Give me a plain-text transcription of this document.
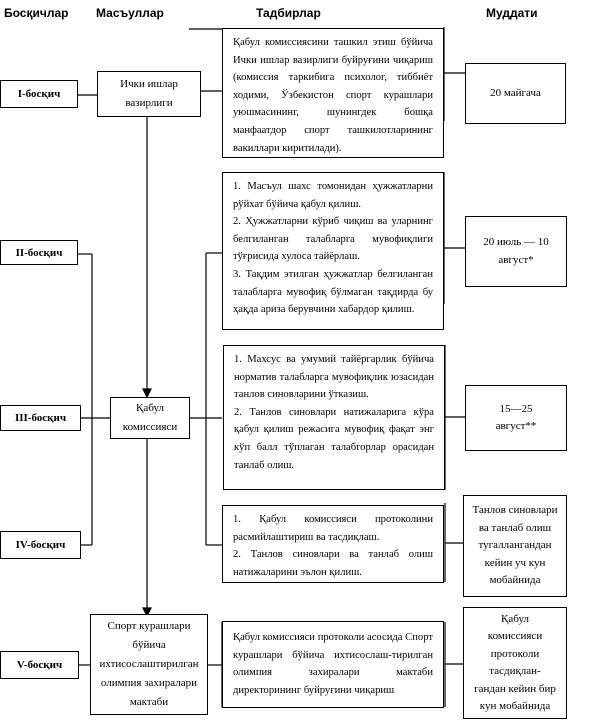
Босқичлар Масъуллар	Тадбирлар	Муддати
I-босқич
II-босқич
III-босқич
IV-босқич
V-босқич
Ички ишлар вазирлиги
Қабул комиссияси
Спорт курашлари бўйича ихтисослаштирилган олимпия захиралари мактаби

Қабул комиссиясини ташкил этиш бўйича Ички ишлар вазирлиги буйруғини чиқариш (комиссия таркибига психолог, тиббиёт ходими, Ўзбекистон спорт курашлари уюшмасининг, шунингдек бошқа манфаатдор спорт ташкилотларининг вакиллари киритилади).

1. Масъул шахс томонидан ҳужжатларни рўйхат бўйича қабул қилиш.

2. Ҳужжатларни кўриб чиқиш ва уларнинг белгиланган талабларга мувофиқлиги тўғрисида хулоса тайёрлаш.

3. Тақдим этилган ҳужжатлар белгиланган талабларга мувофиқ бўлмаган тақдирда бу ҳақда ариза берувчини хабардор қилиш.

1. Махсус ва умумий тайёргарлик бўйича норматив талабларга мувофиқлик юзасидан танлов синовларини ўтказиш.

2. Танлов синовлари натижаларига кўра қабул қилиш режасига мувофиқ фақат энг кўп балл тўплаган талабгорлар орасидан танлаб олиш.

1. Қабул комиссияси протоколини расмийлаштириш ва тасдиқлаш.

2. Танлов синовлари ва танлаб олиш натижаларини эълон қилиш.

Қабул комиссияси протоколи асосида Спорт курашлари бўйича ихтисослаш-тирилган олимпия захиралари мактаби директорининг буйруғини чиқариш

20 майгача
20 июль — 10 август*
15—25 август**
Танлов синовлари ва танлаб олиш тугаллангандан кейин уч кун мобайнида
Қабул комиссияси протоколи тасдиқлан-гандан кейин бир кун мобайнида
